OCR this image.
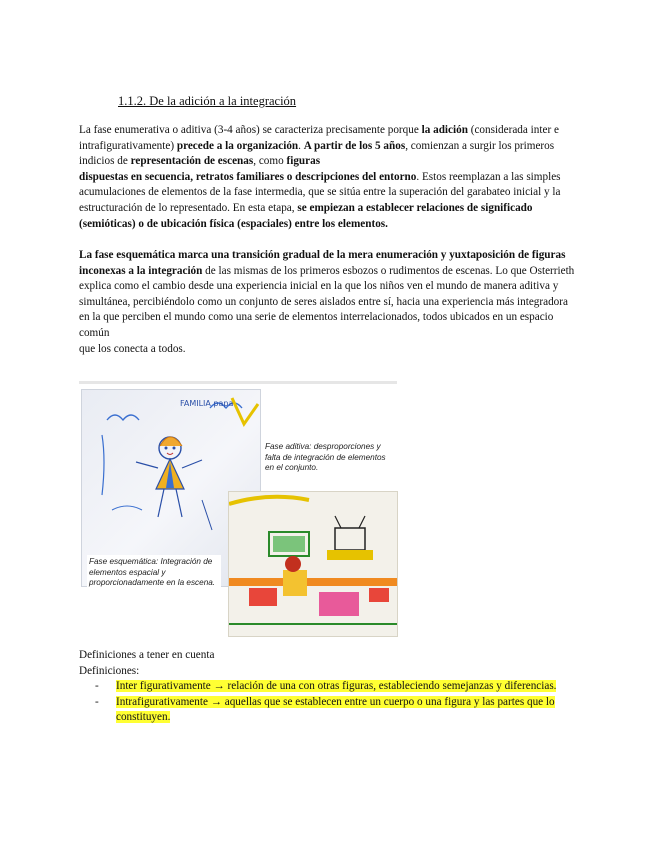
1.1.2. De la adición a la integración

La fase enumerativa o aditiva (3-4 años) se caracteriza precisamente porque la adición (considerada inter e intrafigurativamente) precede a la organización. A partir de los 5 años, comienzan a surgir los primeros indicios de representación de escenas, como figuras
dispuestas en secuencia, retratos familiares o descripciones del entorno. Estos reemplazan a las simples acumulaciones de elementos de la fase intermedia, que se sitúa entre la superación del garabateo inicial y la estructuración de lo representado. En esta etapa, se empiezan a establecer relaciones de significado (semióticas) o de ubicación física (espaciales) entre los elementos.

La fase esquemática marca una transición gradual de la mera enumeración y yuxtaposición de figuras inconexas a la integración de las mismas de los primeros esbozos o rudimentos de escenas. Lo que Osterrieth explica como el cambio desde una experiencia inicial en la que los niños ven el mundo de manera aditiva y simultánea, percibiéndolo como un conjunto de seres aislados entre sí, hacia una experiencia más integradora en la que perciben el mundo como una serie de elementos interrelacionados, todos ubicados en un espacio común
que los conecta a todos.

FAMILIA papa
Fase aditiva: desproporciones y falta de integración de elementos en el conjunto.
Fase esquemática: Integración de elementos espacial y proporcionadamente en la escena.

Definiciones a tener en cuenta

Definiciones:

- Inter figurativamente → relación de una con otras figuras, estableciendo semejanzas y diferencias.
- Intrafigurativamente → aquellas que se establecen entre un cuerpo o una figura y las partes que lo constituyen.
